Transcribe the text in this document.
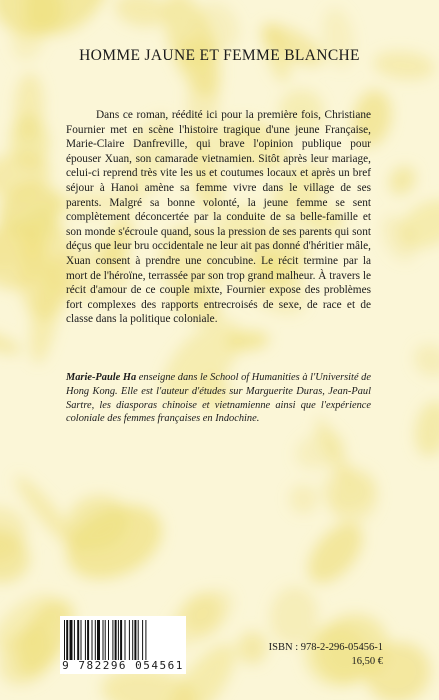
HOMME JAUNE ET FEMME BLANCHE

Dans ce roman, réédité ici pour la première fois, Christiane Fournier met en scène l'histoire tragique d'une jeune Française, Marie-Claire Danfreville, qui brave l'opinion publique pour épouser Xuan, son camarade vietnamien. Sitôt après leur mariage, celui-ci reprend très vite les us et coutumes locaux et après un bref séjour à Hanoi amène sa femme vivre dans le village de ses parents. Malgré sa bonne volonté, la jeune femme se sent complètement déconcertée par la conduite de sa belle-famille et son monde s'écroule quand, sous la pression de ses parents qui sont déçus que leur bru occidentale ne leur ait pas donné d'héritier mâle, Xuan consent à prendre une concubine. Le récit termine par la mort de l'héroïne, terrassée par son trop grand malheur. À travers le récit d'amour de ce couple mixte, Fournier expose des problèmes fort complexes des rapports entrecroisés de sexe, de race et de classe dans la politique coloniale.

Marie-Paule Ha enseigne dans le School of Humanities à l'Université de Hong Kong. Elle est l'auteur d'études sur Marguerite Duras, Jean-Paul Sartre, les diasporas chinoise et vietnamienne ainsi que l'expérience coloniale des femmes françaises en Indochine.

9 782296 054561
ISBN : 978-2-296-05456-1
16,50 €
